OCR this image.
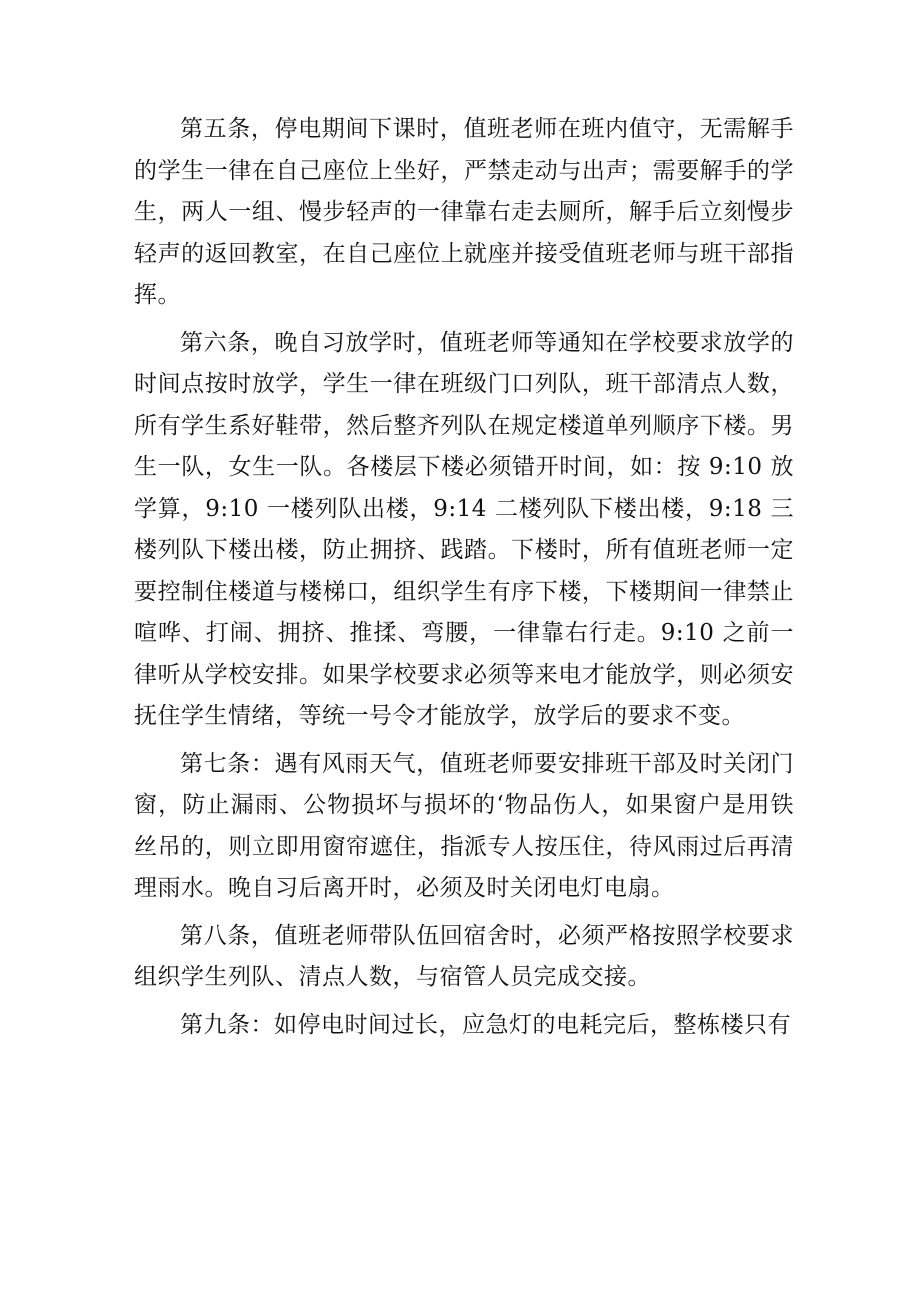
第五条，停电期间下课时，值班老师在班内值守，无需解手的学生一律在自己座位上坐好，严禁走动与出声；需要解手的学生，两人一组、慢步轻声的一律靠右走去厕所，解手后立刻慢步轻声的返回教室，在自己座位上就座并接受值班老师与班干部指挥。

第六条，晚自习放学时，值班老师等通知在学校要求放学的时间点按时放学，学生一律在班级门口列队，班干部清点人数，所有学生系好鞋带，然后整齐列队在规定楼道单列顺序下楼。男生一队，女生一队。各楼层下楼必须错开时间，如：按 9:10 放学算，9:10 一楼列队出楼，9:14 二楼列队下楼出楼，9:18 三楼列队下楼出楼，防止拥挤、践踏。下楼时，所有值班老师一定要控制住楼道与楼梯口，组织学生有序下楼，下楼期间一律禁止喧哗、打闹、拥挤、推揉、弯腰，一律靠右行走。9:10 之前一律听从学校安排。如果学校要求必须等来电才能放学，则必须安抚住学生情绪，等统一号令才能放学，放学后的要求不变。

第七条：遇有风雨天气，值班老师要安排班干部及时关闭门窗，防止漏雨、公物损坏与损坏的‘物品伤人，如果窗户是用铁丝吊的，则立即用窗帘遮住，指派专人按压住，待风雨过后再清理雨水。晚自习后离开时，必须及时关闭电灯电扇。

第八条，值班老师带队伍回宿舍时，必须严格按照学校要求组织学生列队、清点人数，与宿管人员完成交接。

第九条：如停电时间过长，应急灯的电耗完后，整栋楼只有
